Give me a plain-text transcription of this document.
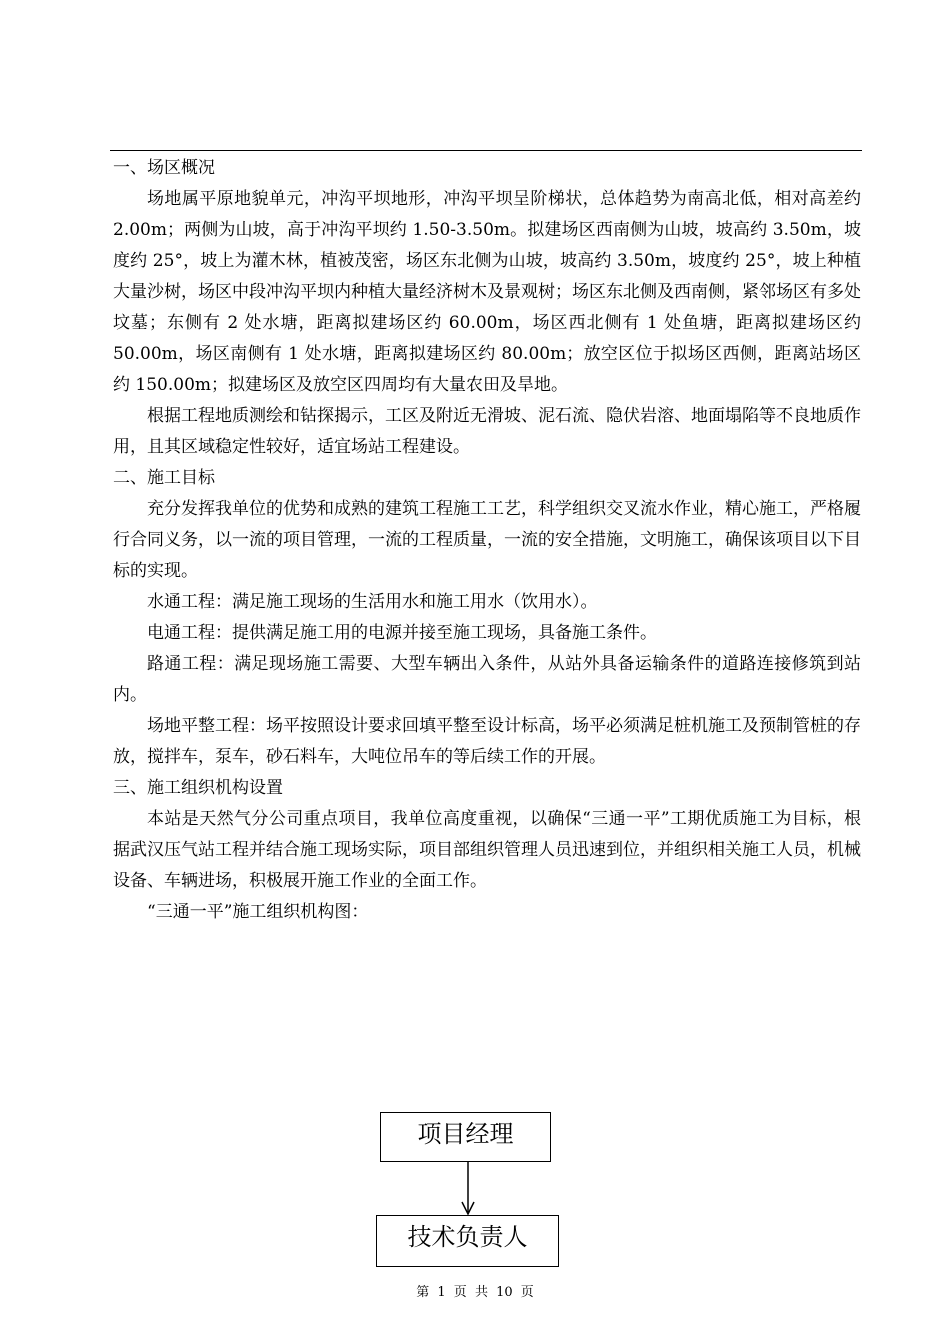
一、场区概况

场地属平原地貌单元，冲沟平坝地形，冲沟平坝呈阶梯状，总体趋势为南高北低，相对高差约 2.00m；两侧为山坡，高于冲沟平坝约 1.50-3.50m。拟建场区西南侧为山坡，坡高约 3.50m，坡度约 25°，坡上为灌木林，植被茂密，场区东北侧为山坡，坡高约 3.50m，坡度约 25°，坡上种植大量沙树，场区中段冲沟平坝内种植大量经济树木及景观树；场区东北侧及西南侧，紧邻场区有多处坟墓；东侧有 2 处水塘，距离拟建场区约 60.00m，场区西北侧有 1 处鱼塘，距离拟建场区约 50.00m，场区南侧有 1 处水塘，距离拟建场区约 80.00m；放空区位于拟场区西侧，距离站场区约 150.00m；拟建场区及放空区四周均有大量农田及旱地。

根据工程地质测绘和钻探揭示，工区及附近无滑坡、泥石流、隐伏岩溶、地面塌陷等不良地质作用，且其区域稳定性较好，适宜场站工程建设。

二、施工目标

充分发挥我单位的优势和成熟的建筑工程施工工艺，科学组织交叉流水作业，精心施工，严格履行合同义务，以一流的项目管理，一流的工程质量，一流的安全措施，文明施工，确保该项目以下目标的实现。

水通工程：满足施工现场的生活用水和施工用水（饮用水）。

电通工程：提供满足施工用的电源并接至施工现场，具备施工条件。

路通工程：满足现场施工需要、大型车辆出入条件，从站外具备运输条件的道路连接修筑到站内。

场地平整工程：场平按照设计要求回填平整至设计标高，场平必须满足桩机施工及预制管桩的存放，搅拌车，泵车，砂石料车，大吨位吊车的等后续工作的开展。

三、施工组织机构设置

本站是天然气分公司重点项目，我单位高度重视，以确保“三通一平”工期优质施工为目标，根据武汉压气站工程并结合施工现场实际，项目部组织管理人员迅速到位，并组织相关施工人员，机械设备、车辆进场，积极展开施工作业的全面工作。

“三通一平”施工组织机构图：

项目经理
技术负责人
第 1 页 共 10 页
